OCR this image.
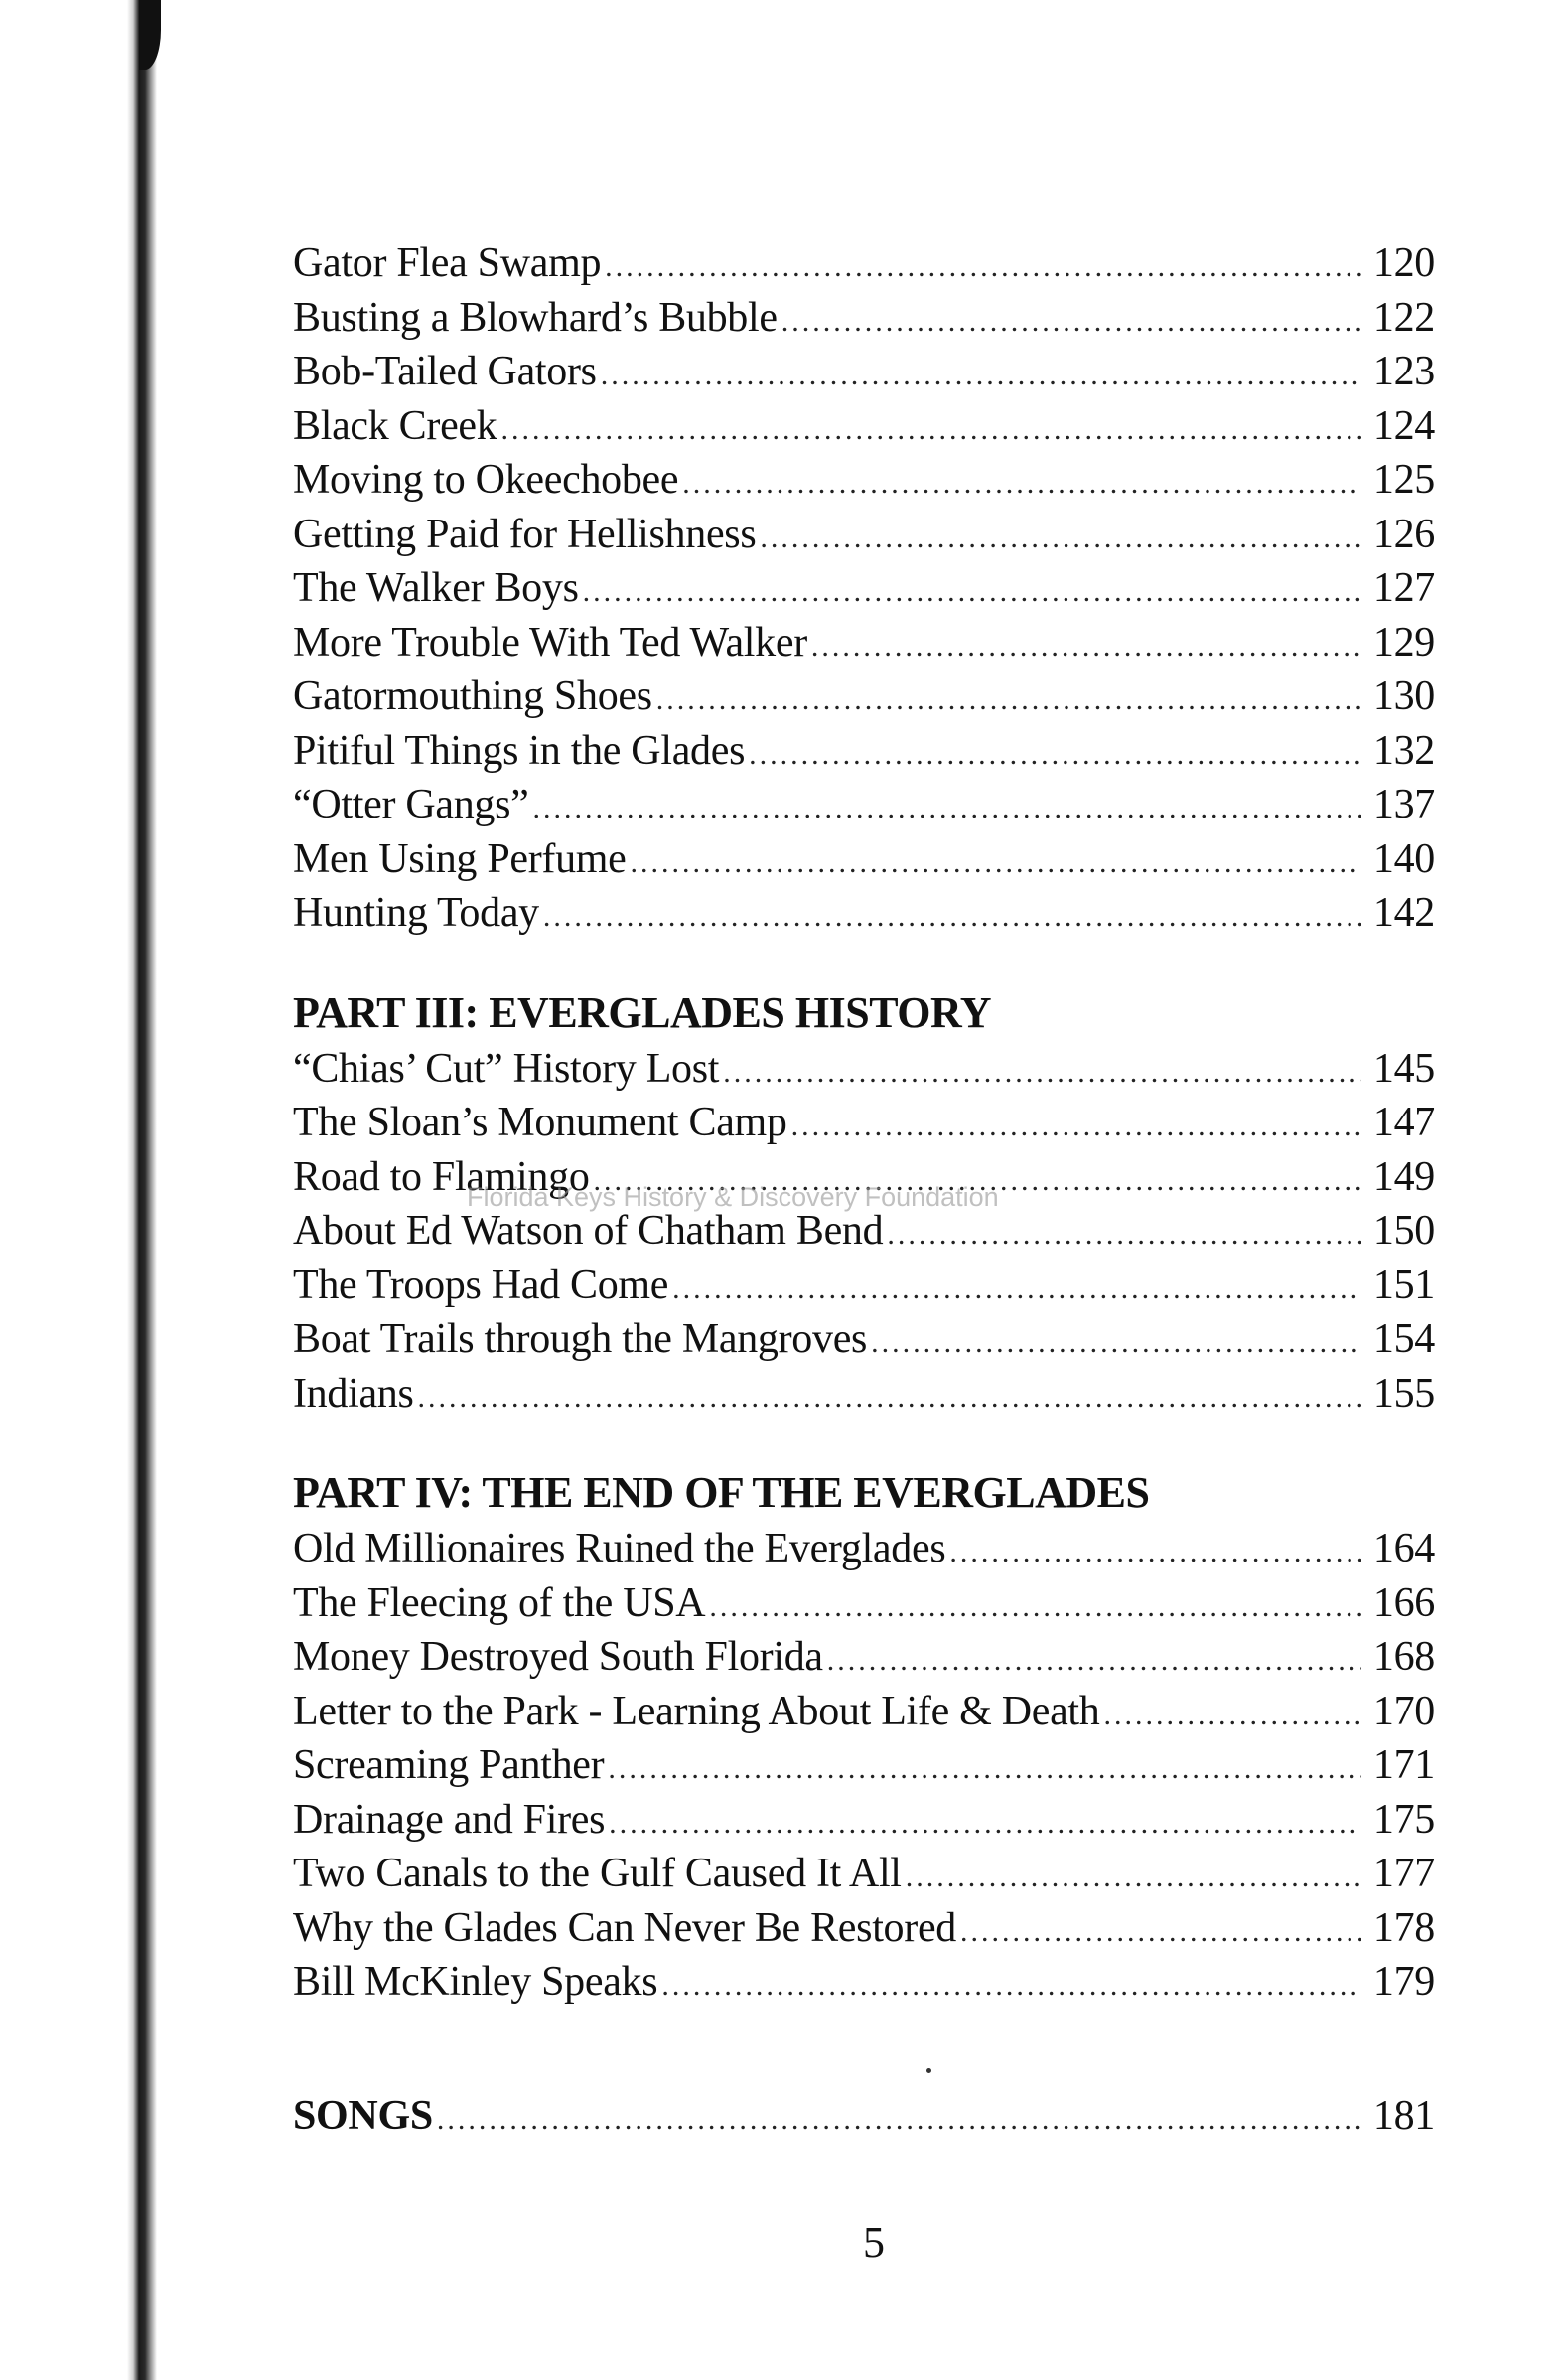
Gator Flea Swamp .....	120
Busting a Blowhard’s Bubble .....	122
Bob-Tailed Gators .....	123
Black Creek .....	124
Moving to Okeechobee .....	125
Getting Paid for Hellishness .....	126
The Walker Boys .....	127
More Trouble With Ted Walker .....	129
Gatormouthing Shoes .....	130
Pitiful Things in the Glades .....	132
“Otter Gangs” .....	137
Men Using Perfume .....	140
Hunting Today .....	142
PART III: EVERGLADES HISTORY
“Chias’ Cut” History Lost .....	145
The Sloan’s Monument Camp .....	147
Road to Flamingo .....	149
About Ed Watson of Chatham Bend .....	150
The Troops Had Come .....	151
Boat Trails through the Mangroves .....	154
Indians .....	155
PART IV: THE END OF THE EVERGLADES
Old Millionaires Ruined the Everglades .....	164
The Fleecing of the USA .....	166
Money Destroyed South Florida .....	168
Letter to the Park - Learning About Life & Death .....	170
Screaming Panther .....	171
Drainage and Fires .....	175
Two Canals to the Gulf Caused It All .....	177
Why the Glades Can Never Be Restored .....	178
Bill McKinley Speaks .....	179
SONGS .....	181
Florida Keys History & Discovery Foundation
5
